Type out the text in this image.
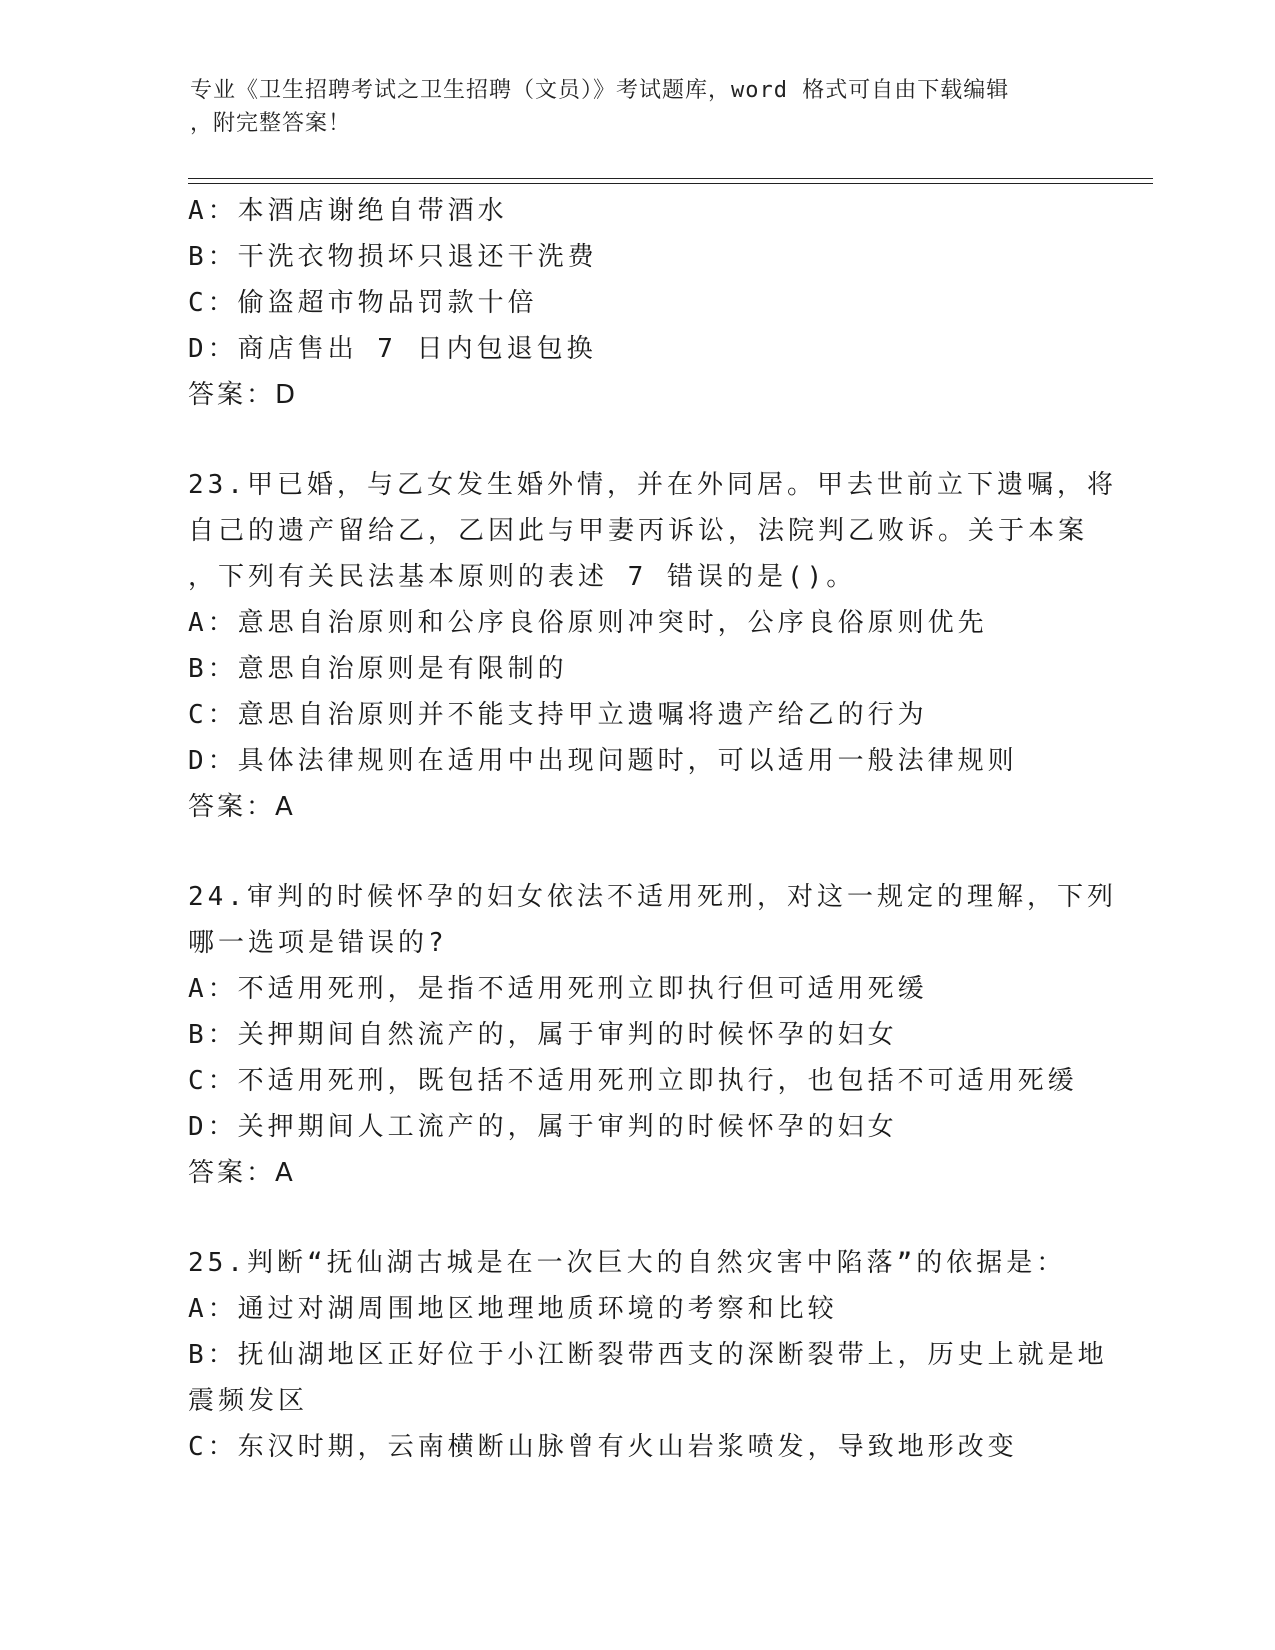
专业《卫生招聘考试之卫生招聘（文员）》考试题库，word 格式可自由下载编辑
，附完整答案！
A：本酒店谢绝自带酒水
B：干洗衣物损坏只退还干洗费
C：偷盗超市物品罚款十倍
D：商店售出 7 日内包退包换
答案：D
23.甲已婚，与乙女发生婚外情，并在外同居。甲去世前立下遗嘱，将
自己的遗产留给乙，乙因此与甲妻丙诉讼，法院判乙败诉。关于本案
，下列有关民法基本原则的表述 7 错误的是()。
A：意思自治原则和公序良俗原则冲突时，公序良俗原则优先
B：意思自治原则是有限制的
C：意思自治原则并不能支持甲立遗嘱将遗产给乙的行为
D：具体法律规则在适用中出现问题时，可以适用一般法律规则
答案：A
24.审判的时候怀孕的妇女依法不适用死刑，对这一规定的理解，下列
哪一选项是错误的?
A：不适用死刑，是指不适用死刑立即执行但可适用死缓
B：关押期间自然流产的，属于审判的时候怀孕的妇女
C：不适用死刑，既包括不适用死刑立即执行，也包括不可适用死缓
D：关押期间人工流产的，属于审判的时候怀孕的妇女
答案：A
25.判断“抚仙湖古城是在一次巨大的自然灾害中陷落”的依据是：
A：通过对湖周围地区地理地质环境的考察和比较
B：抚仙湖地区正好位于小江断裂带西支的深断裂带上，历史上就是地
震频发区
C：东汉时期，云南横断山脉曾有火山岩浆喷发，导致地形改变
